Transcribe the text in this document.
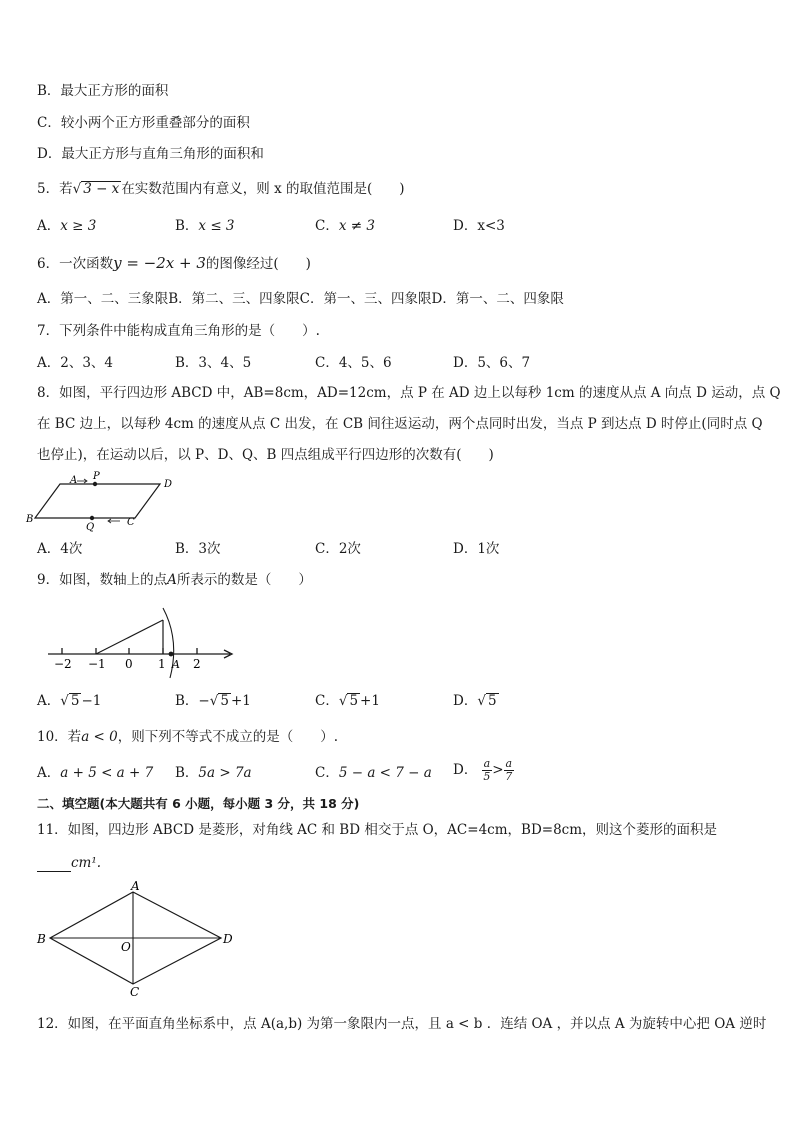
B．最大正方形的面积
C．较小两个正方形重叠部分的面积
D．最大正方形与直角三角形的面积和
5．若√ 3 − x 在实数范围内有意义，则 x 的取值范围是(　　)
A．x ≥ 3	B．x ≤ 3	C．x ≠ 3	D．x<3
6．一次函数y = −2x + 3的图像经过(　　)
A．第一、二、三象限B．第二、三、四象限C．第一、三、四象限D．第一、二、四象限
7．下列条件中能构成直角三角形的是（　　）.
A．2、3、4	B．3、4、5	C．4、5、6	D．5、6、7
8．如图，平行四边形 ABCD 中，AB=8cm，AD=12cm，点 P 在 AD 边上以每秒 1cm 的速度从点 A 向点 D 运动，点 Q
在 BC 边上，以每秒 4cm 的速度从点 C 出发，在 CB 间往返运动，两个点同时出发，当点 P 到达点 D 时停止(同时点 Q
也停止)，在运动以后，以 P、D、Q、B 四点组成平行四边形的次数有(　　)
A P
D
B
Q	C
A．4次	B．3次	C．2次	D．1次
9．如图，数轴上的点A所表示的数是（　　）
−2 −1 0 1 2
A
A．√ 5 −1	B．−√ 5 +1	C．√ 5 +1	D．√ 5
10．若a < 0，则下列不等式不成立的是（　　）.
A．a + 5 < a + 7 B．5a > 7a	C．5 − a < 7 − a D． $\frac{a}{5} > \frac{a}{7}$
二、填空题(本大题共有 6 小题，每小题 3 分，共 18 分)
11．如图，四边形 ABCD 是菱形，对角线 AC 和 BD 相交于点 O，AC=4cm，BD=8cm，则这个菱形的面积是
cm¹.
A
B
C
D
O
12．如图，在平面直角坐标系中，点 A(a,b) 为第一象限内一点，且 a < b ．连结 OA ，并以点 A 为旋转中心把 OA 逆时
